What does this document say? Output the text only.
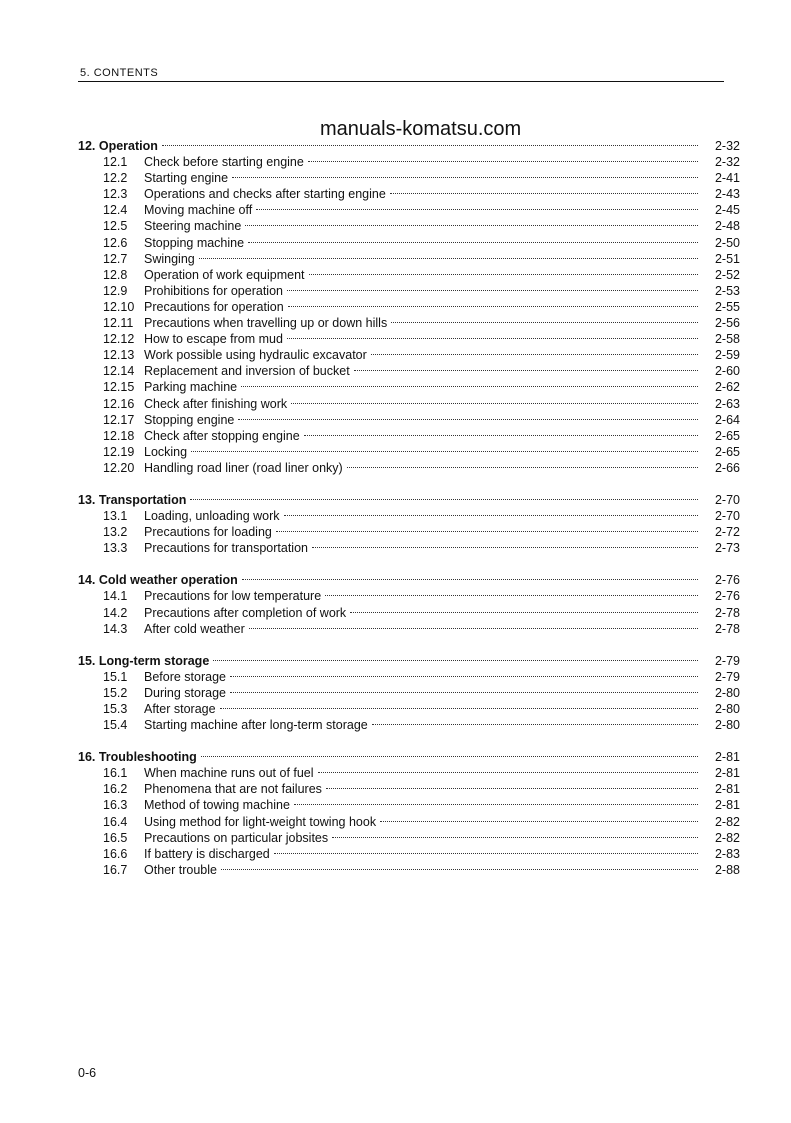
5. CONTENTS
manuals-komatsu.com
12. Operation	2-32
12.1	Check before starting engine	2-32
12.2	Starting engine	2-41
12.3	Operations and checks after starting engine	2-43
12.4	Moving machine off	2-45
12.5	Steering machine	2-48
12.6	Stopping machine	2-50
12.7	Swinging	2-51
12.8	Operation of work equipment	2-52
12.9	Prohibitions for operation	2-53
12.10 Precautions for operation	2-55
12.11 Precautions when travelling up or down hills	2-56
12.12 How to escape from mud	2-58
12.13 Work possible using hydraulic excavator	2-59
12.14 Replacement and inversion of bucket	2-60
12.15 Parking machine	2-62
12.16 Check after finishing work	2-63
12.17 Stopping engine	2-64
12.18 Check after stopping engine	2-65
12.19 Locking	2-65
12.20 Handling road liner (road liner onky)	2-66
13. Transportation	2-70
13.1	Loading, unloading work	2-70
13.2	Precautions for loading	2-72
13.3	Precautions for transportation	2-73
14. Cold weather operation	2-76
14.1	Precautions for low temperature	2-76
14.2	Precautions after completion of work	2-78
14.3	After cold weather	2-78
15. Long-term storage	2-79
15.1	Before storage	2-79
15.2	During storage	2-80
15.3	After storage	2-80
15.4	Starting machine after long-term storage	2-80
16. Troubleshooting	2-81
16.1	When machine runs out of fuel	2-81
16.2	Phenomena that are not failures	2-81
16.3	Method of towing machine	2-81
16.4	Using method for light-weight towing hook	2-82
16.5	Precautions on particular jobsites	2-82
16.6	If battery is discharged	2-83
16.7	Other trouble	2-88
0-6
